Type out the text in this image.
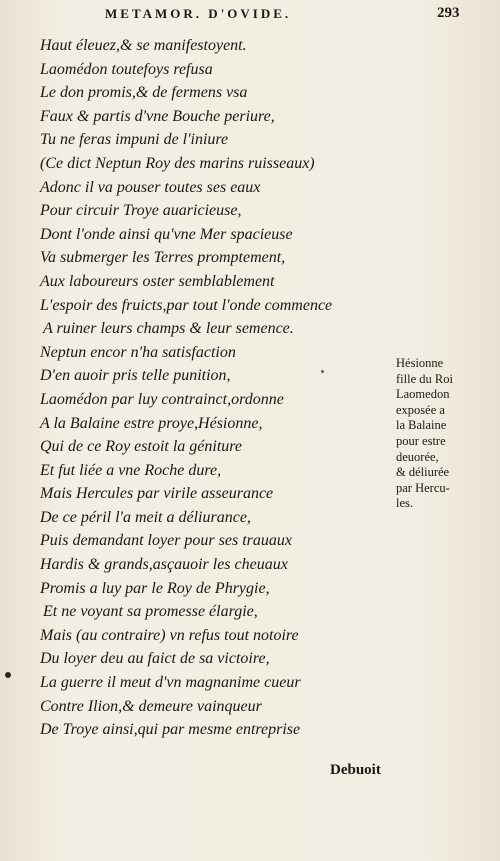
METAMOR. D'OVIDE.	293
Haut éleuez,& se manifestoyent.
Laomédon toutefoys refusa
Le don promis,& de fermens vsa
Faux & partis d'vne Bouche periure,
Tu ne feras impuni de l'iniure
(Ce dict Neptun Roy des marins ruisseaux)
Adonc il va pouser toutes ses eaux
Pour circuir Troye auaricieuse,
Dont l'onde ainsi qu'vne Mer spacieuse
Va submerger les Terres promptement,
Aux laboureurs oster semblablement
L'espoir des fruicts,par tout l'onde commence
A ruiner leurs champs & leur semence.
Neptun encor n'ha satisfaction
D'en auoir pris telle punition,
Laomédon par luy contrainct,ordonne
A la Balaine estre proye,Hésionne,
Qui de ce Roy estoit la géniture
Et fut liée a vne Roche dure,
Mais Hercules par virile asseurance
De ce péril l'a meit a déliurance,
Puis demandant loyer pour ses trauaux
Hardis & grands,asçauoir les cheuaux
Promis a luy par le Roy de Phrygie,
Et ne voyant sa promesse élargie,
Mais (au contraire) vn refus tout notoire
Du loyer deu au faict de sa victoire,
La guerre il meut d'vn magnanime cueur
Contre Ilion,& demeure vainqueur
De Troye ainsi,qui par mesme entreprise
Hésionne
fille du Roi
Laomedon
exposée a
la Balaine
pour estre
deuorée,
& déliurée
par Hercu-
les.
Debuoit
